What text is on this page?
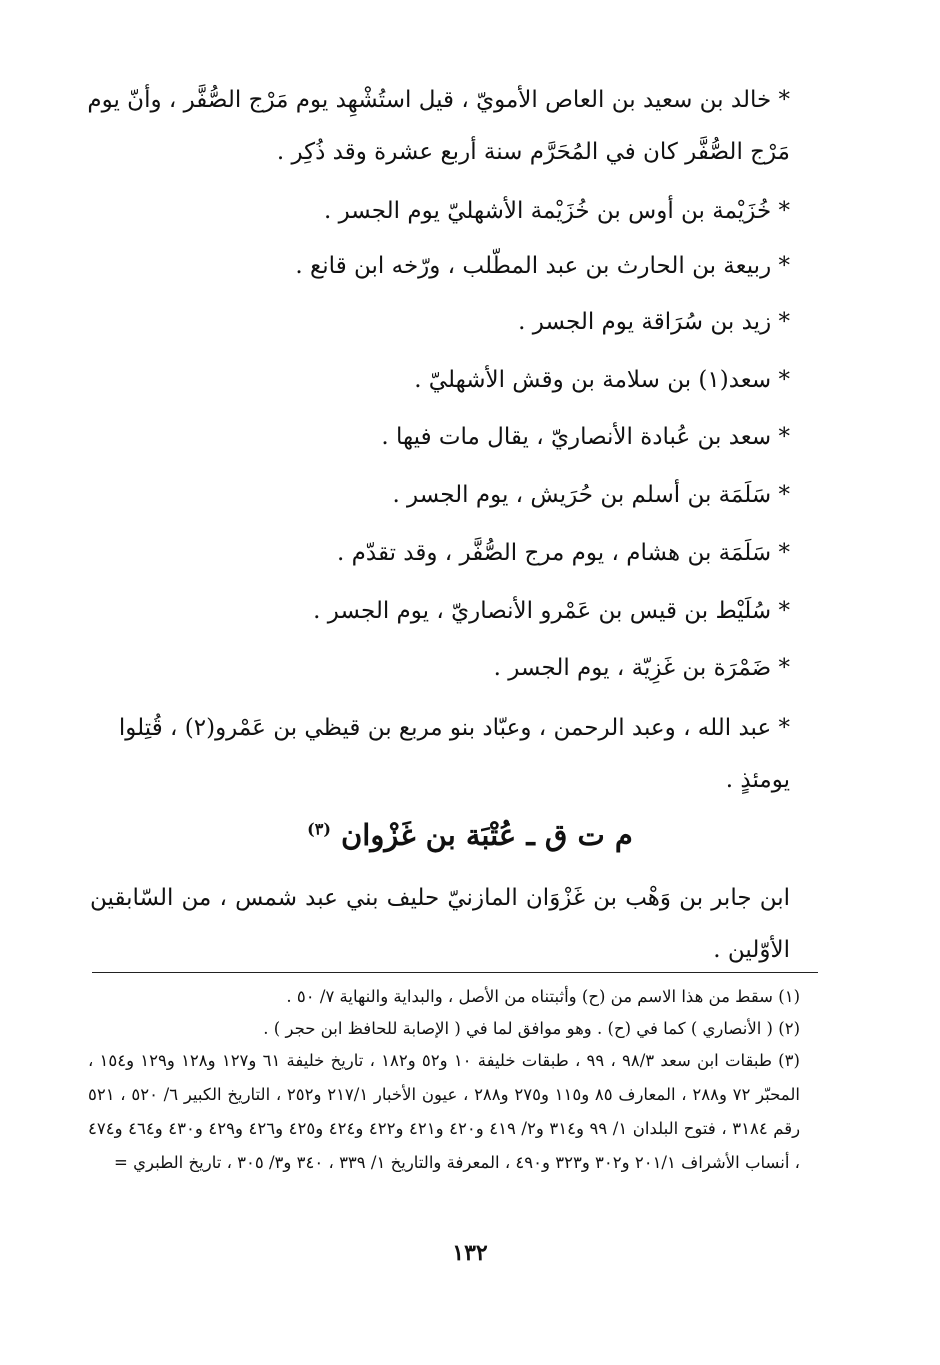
* خالد بن سعيد بن العاص الأمويّ ، قيل استُشْهِد يوم مَرْج الصُّفَّر ، وأنّ يوم مَرْج الصُّفَّر كان في المُحَرَّم سنة أربع عشرة وقد ذُكِر .
* خُزَيْمة بن أوس بن خُزَيْمة الأشهليّ يوم الجسر .
* ربيعة بن الحارث بن عبد المطّلب ، ورّخه ابن قانع .
* زيد بن سُرَاقة يوم الجسر .
* سعد(١) بن سلامة بن وقش الأشهليّ .
* سعد بن عُبادة الأنصاريّ ، يقال مات فيها .
* سَلَمَة بن أسلم بن حُرَيش ، يوم الجسر .
* سَلَمَة بن هشام ، يوم مرج الصُّفَّر ، وقد تقدّم .
* سُلَيْط بن قيس بن عَمْرو الأنصاريّ ، يوم الجسر .
* ضَمْرَة بن غَزِيّة ، يوم الجسر .
* عبد الله ، وعبد الرحمن ، وعبّاد بنو مربع بن قيظي بن عَمْرو(٢) ، قُتِلوا يومئذٍ .
م ت ق ـ عُتْبَة بن غَزْوان $^{(٣)}$
ابن جابر بن وَهْب بن غَزْوَان المازنيّ حليف بني عبد شمس ، من السّابقين الأوّلين .
(١) سقط من هذا الاسم من (ح) وأثبتناه من الأصل ، والبداية والنهاية ٧/ ٥٠ .
(٢) ( الأنصاري ) كما في (ح) . وهو موافق لما في ( الإصابة للحافظ ابن حجر ) .
(٣) طبقات ابن سعد ٩٨/٣ ، ٩٩ ، طبقات خليفة ١٠ و٥٢ و١٨٢ ، تاريخ خليفة ٦١ و١٢٧ و١٢٨ و١٢٩ و١٥٤ ، المحبّر ٧٢ و٢٨٨ ، المعارف ٨٥ و١١٥ و٢٧٥ و٢٨٨ ، عيون الأخبار ٢١٧/١ و٢٥٢ ، التاريخ الكبير ٦/ ٥٢٠ ، ٥٢١ رقم ٣١٨٤ ، فتوح البلدان ١/ ٩٩ و٣١٤ و٢/ ٤١٩ و٤٢٠ و٤٢١ و٤٢٢ و٤٢٤ و٤٢٥ و٤٢٦ و٤٢٩ و٤٣٠ و٤٦٤ و٤٧٤ ، أنساب الأشراف ٢٠١/١ و٣٠٢ و٣٢٣ و٤٩٠ ، المعرفة والتاريخ ١/ ٣٣٩ ، ٣٤٠ و٣/ ٣٠٥ ، تاريخ الطبري =
١٣٢
